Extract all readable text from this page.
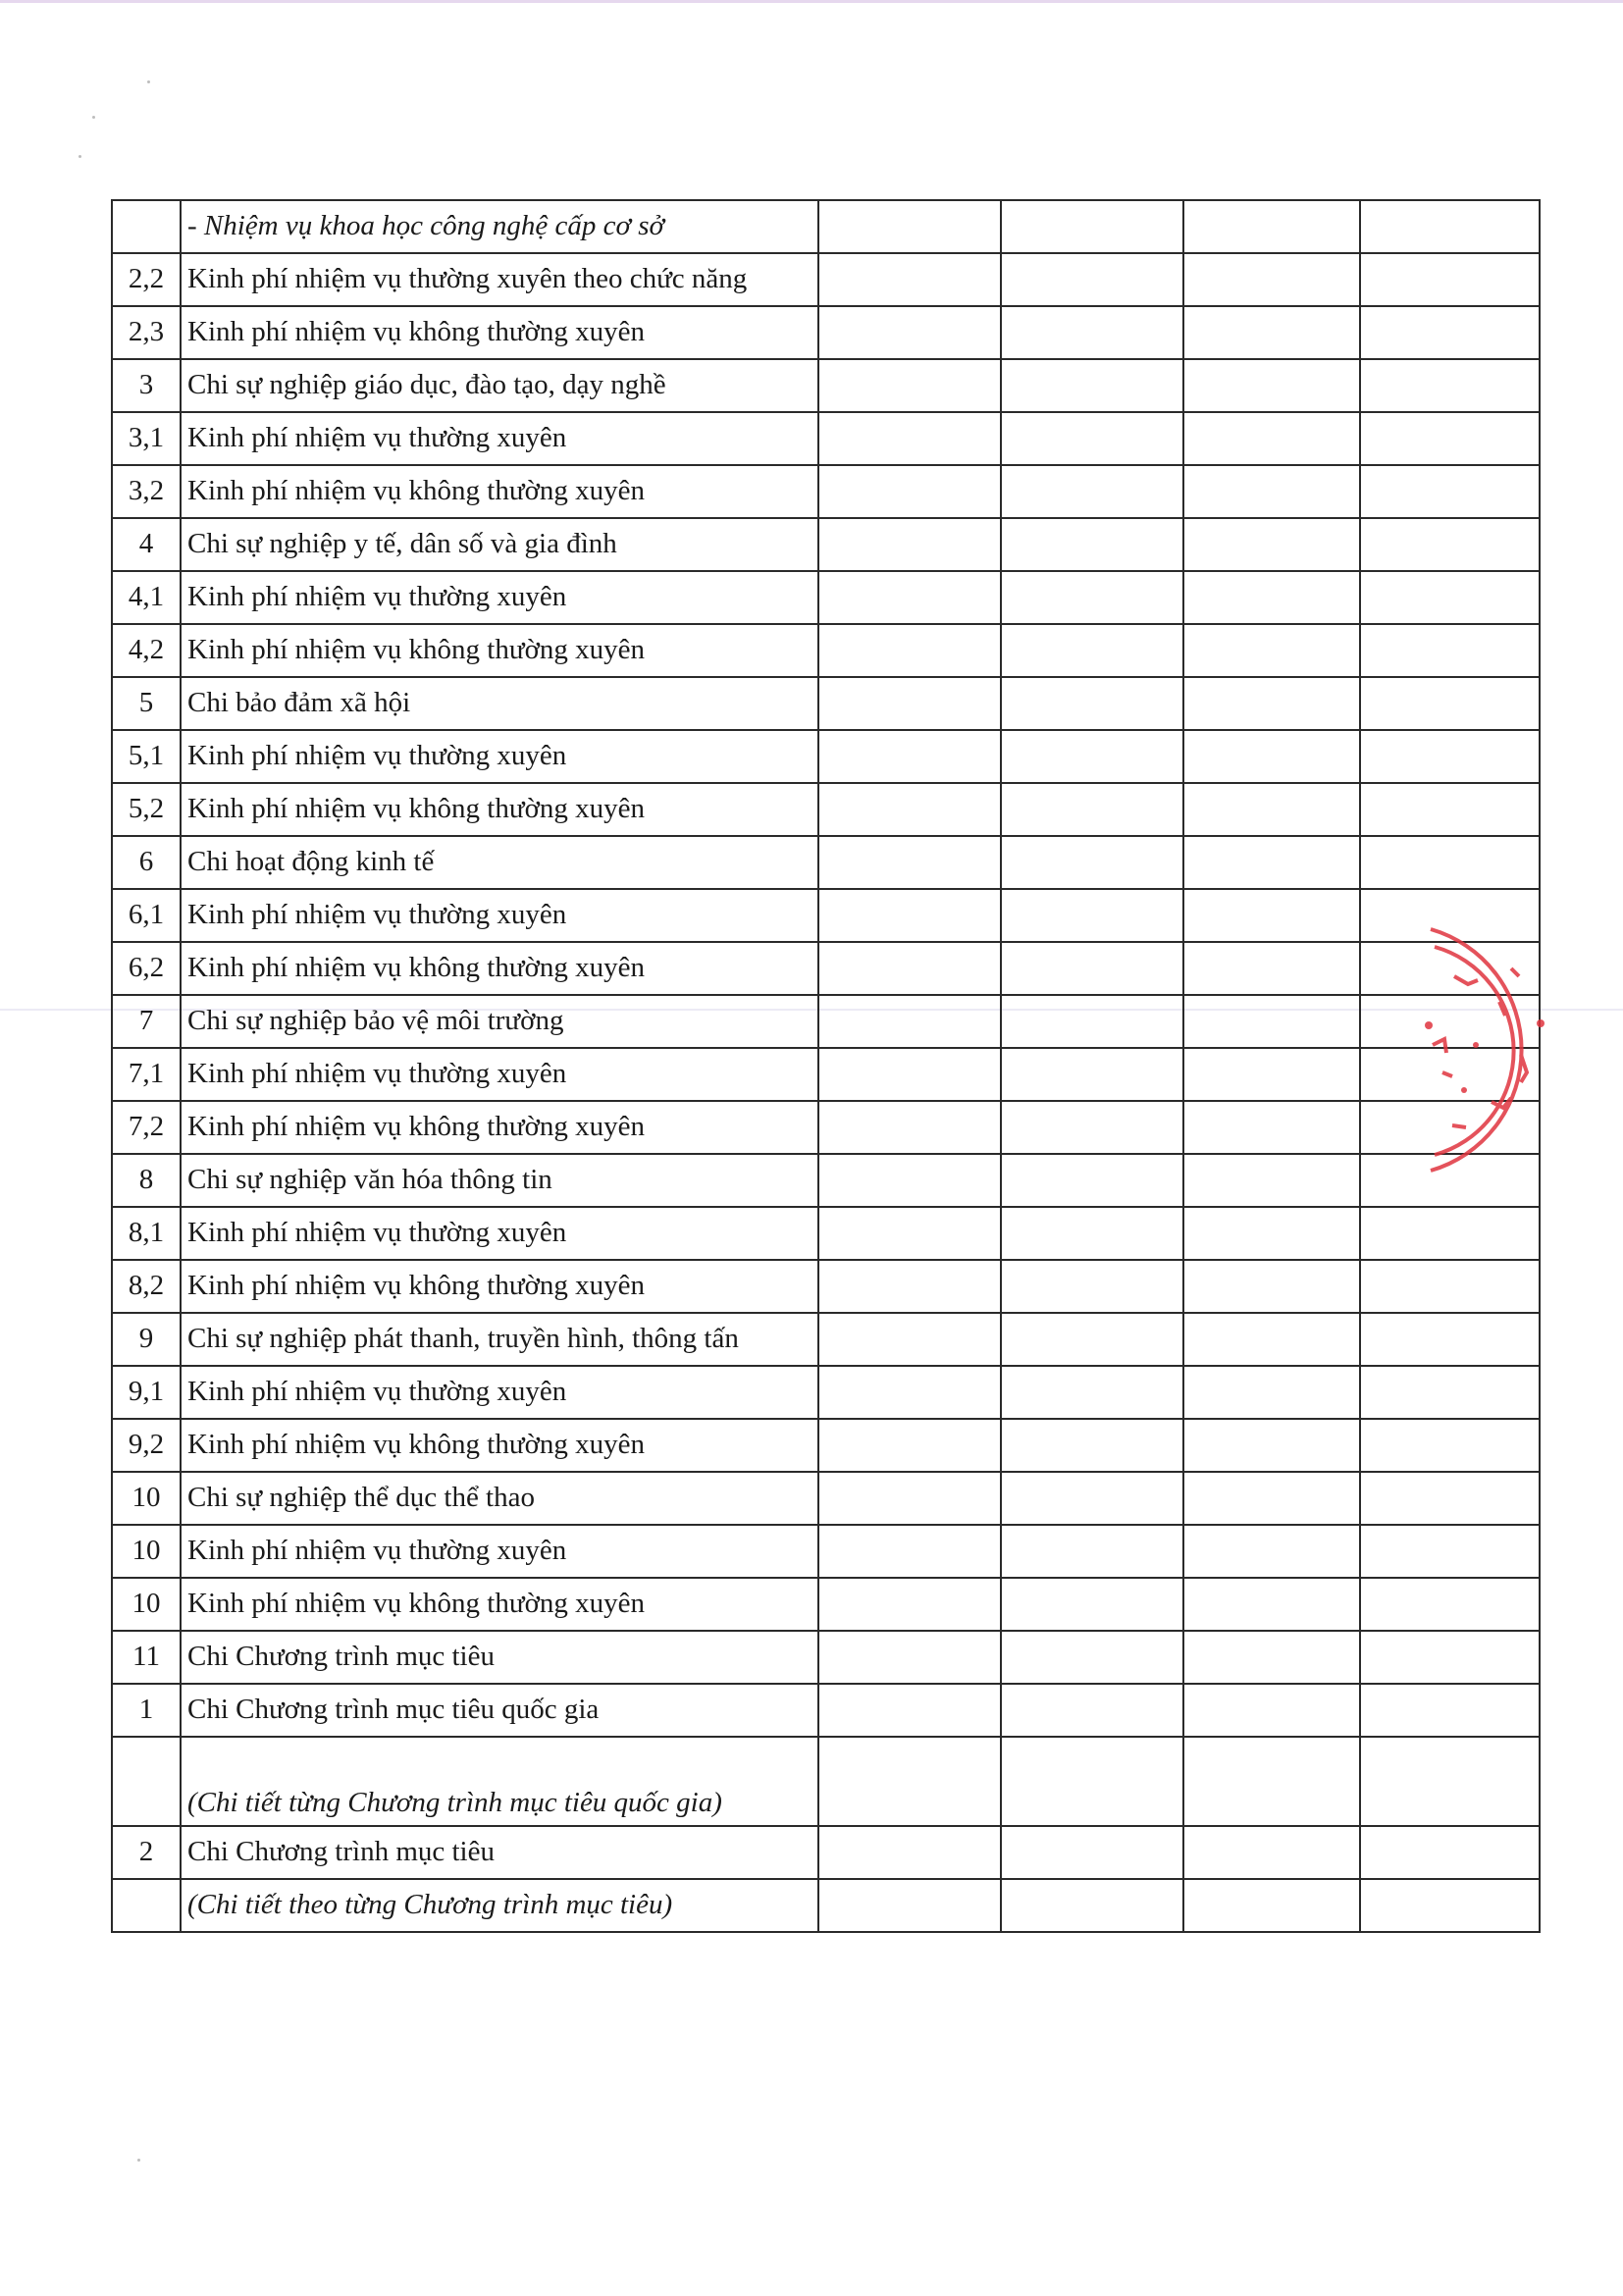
	- Nhiệm vụ khoa học công nghệ cấp cơ sở				
2,2	Kinh phí nhiệm vụ thường xuyên theo chức năng				
2,3	Kinh phí nhiệm vụ không thường xuyên				
3	Chi sự nghiệp giáo dục, đào tạo, dạy nghề				
3,1	Kinh phí nhiệm vụ thường xuyên				
3,2	Kinh phí nhiệm vụ không thường xuyên				
4	Chi sự nghiệp y tế, dân số và gia đình				
4,1	Kinh phí nhiệm vụ thường xuyên				
4,2	Kinh phí nhiệm vụ không thường xuyên				
5	Chi bảo đảm xã hội				
5,1	Kinh phí nhiệm vụ thường xuyên				
5,2	Kinh phí nhiệm vụ không thường xuyên				
6	Chi hoạt động kinh tế				
6,1	Kinh phí nhiệm vụ thường xuyên				
6,2	Kinh phí nhiệm vụ không thường xuyên				
7	Chi sự nghiệp bảo vệ môi trường				
7,1	Kinh phí nhiệm vụ thường xuyên				
7,2	Kinh phí nhiệm vụ không thường xuyên				
8	Chi sự nghiệp văn hóa thông tin				
8,1	Kinh phí nhiệm vụ thường xuyên				
8,2	Kinh phí nhiệm vụ không thường xuyên				
9	Chi sự nghiệp phát thanh, truyền hình, thông tấn				
9,1	Kinh phí nhiệm vụ thường xuyên				
9,2	Kinh phí nhiệm vụ không thường xuyên				
10	Chi sự nghiệp thể dục thể thao				
10	Kinh phí nhiệm vụ thường xuyên				
10	Kinh phí nhiệm vụ không thường xuyên				
11	Chi Chương trình mục tiêu				
1	Chi Chương trình mục tiêu quốc gia				
	(Chi tiết từng Chương trình mục tiêu quốc gia)				
2	Chi Chương trình mục tiêu				
	(Chi tiết theo từng Chương trình mục tiêu)				
